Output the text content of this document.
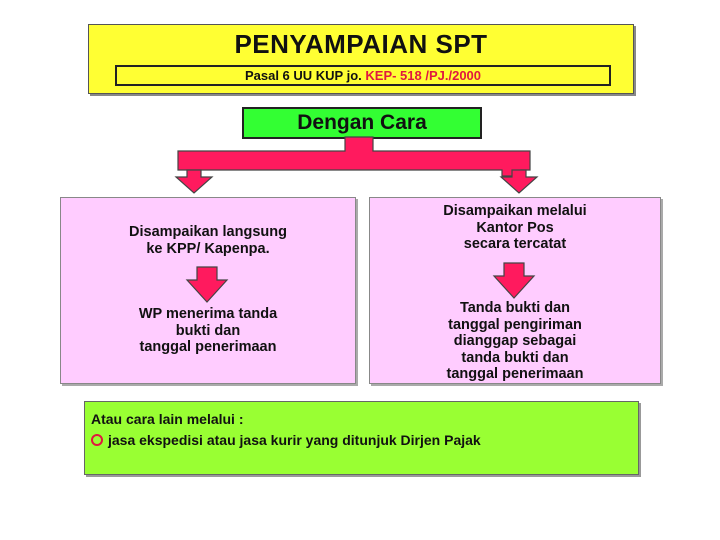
PENYAMPAIAN SPT
Pasal 6 UU KUP jo. KEP- 518 /PJ./2000
Dengan Cara
Disampaikan langsung
ke KPP/ Kapenpa.
WP menerima tanda
bukti dan
tanggal penerimaan
Disampaikan melalui
Kantor Pos
secara tercatat
Tanda bukti dan
tanggal pengiriman
dianggap sebagai
tanda bukti dan
tanggal penerimaan
Atau cara lain melalui :
jasa ekspedisi atau jasa kurir yang ditunjuk Dirjen Pajak
